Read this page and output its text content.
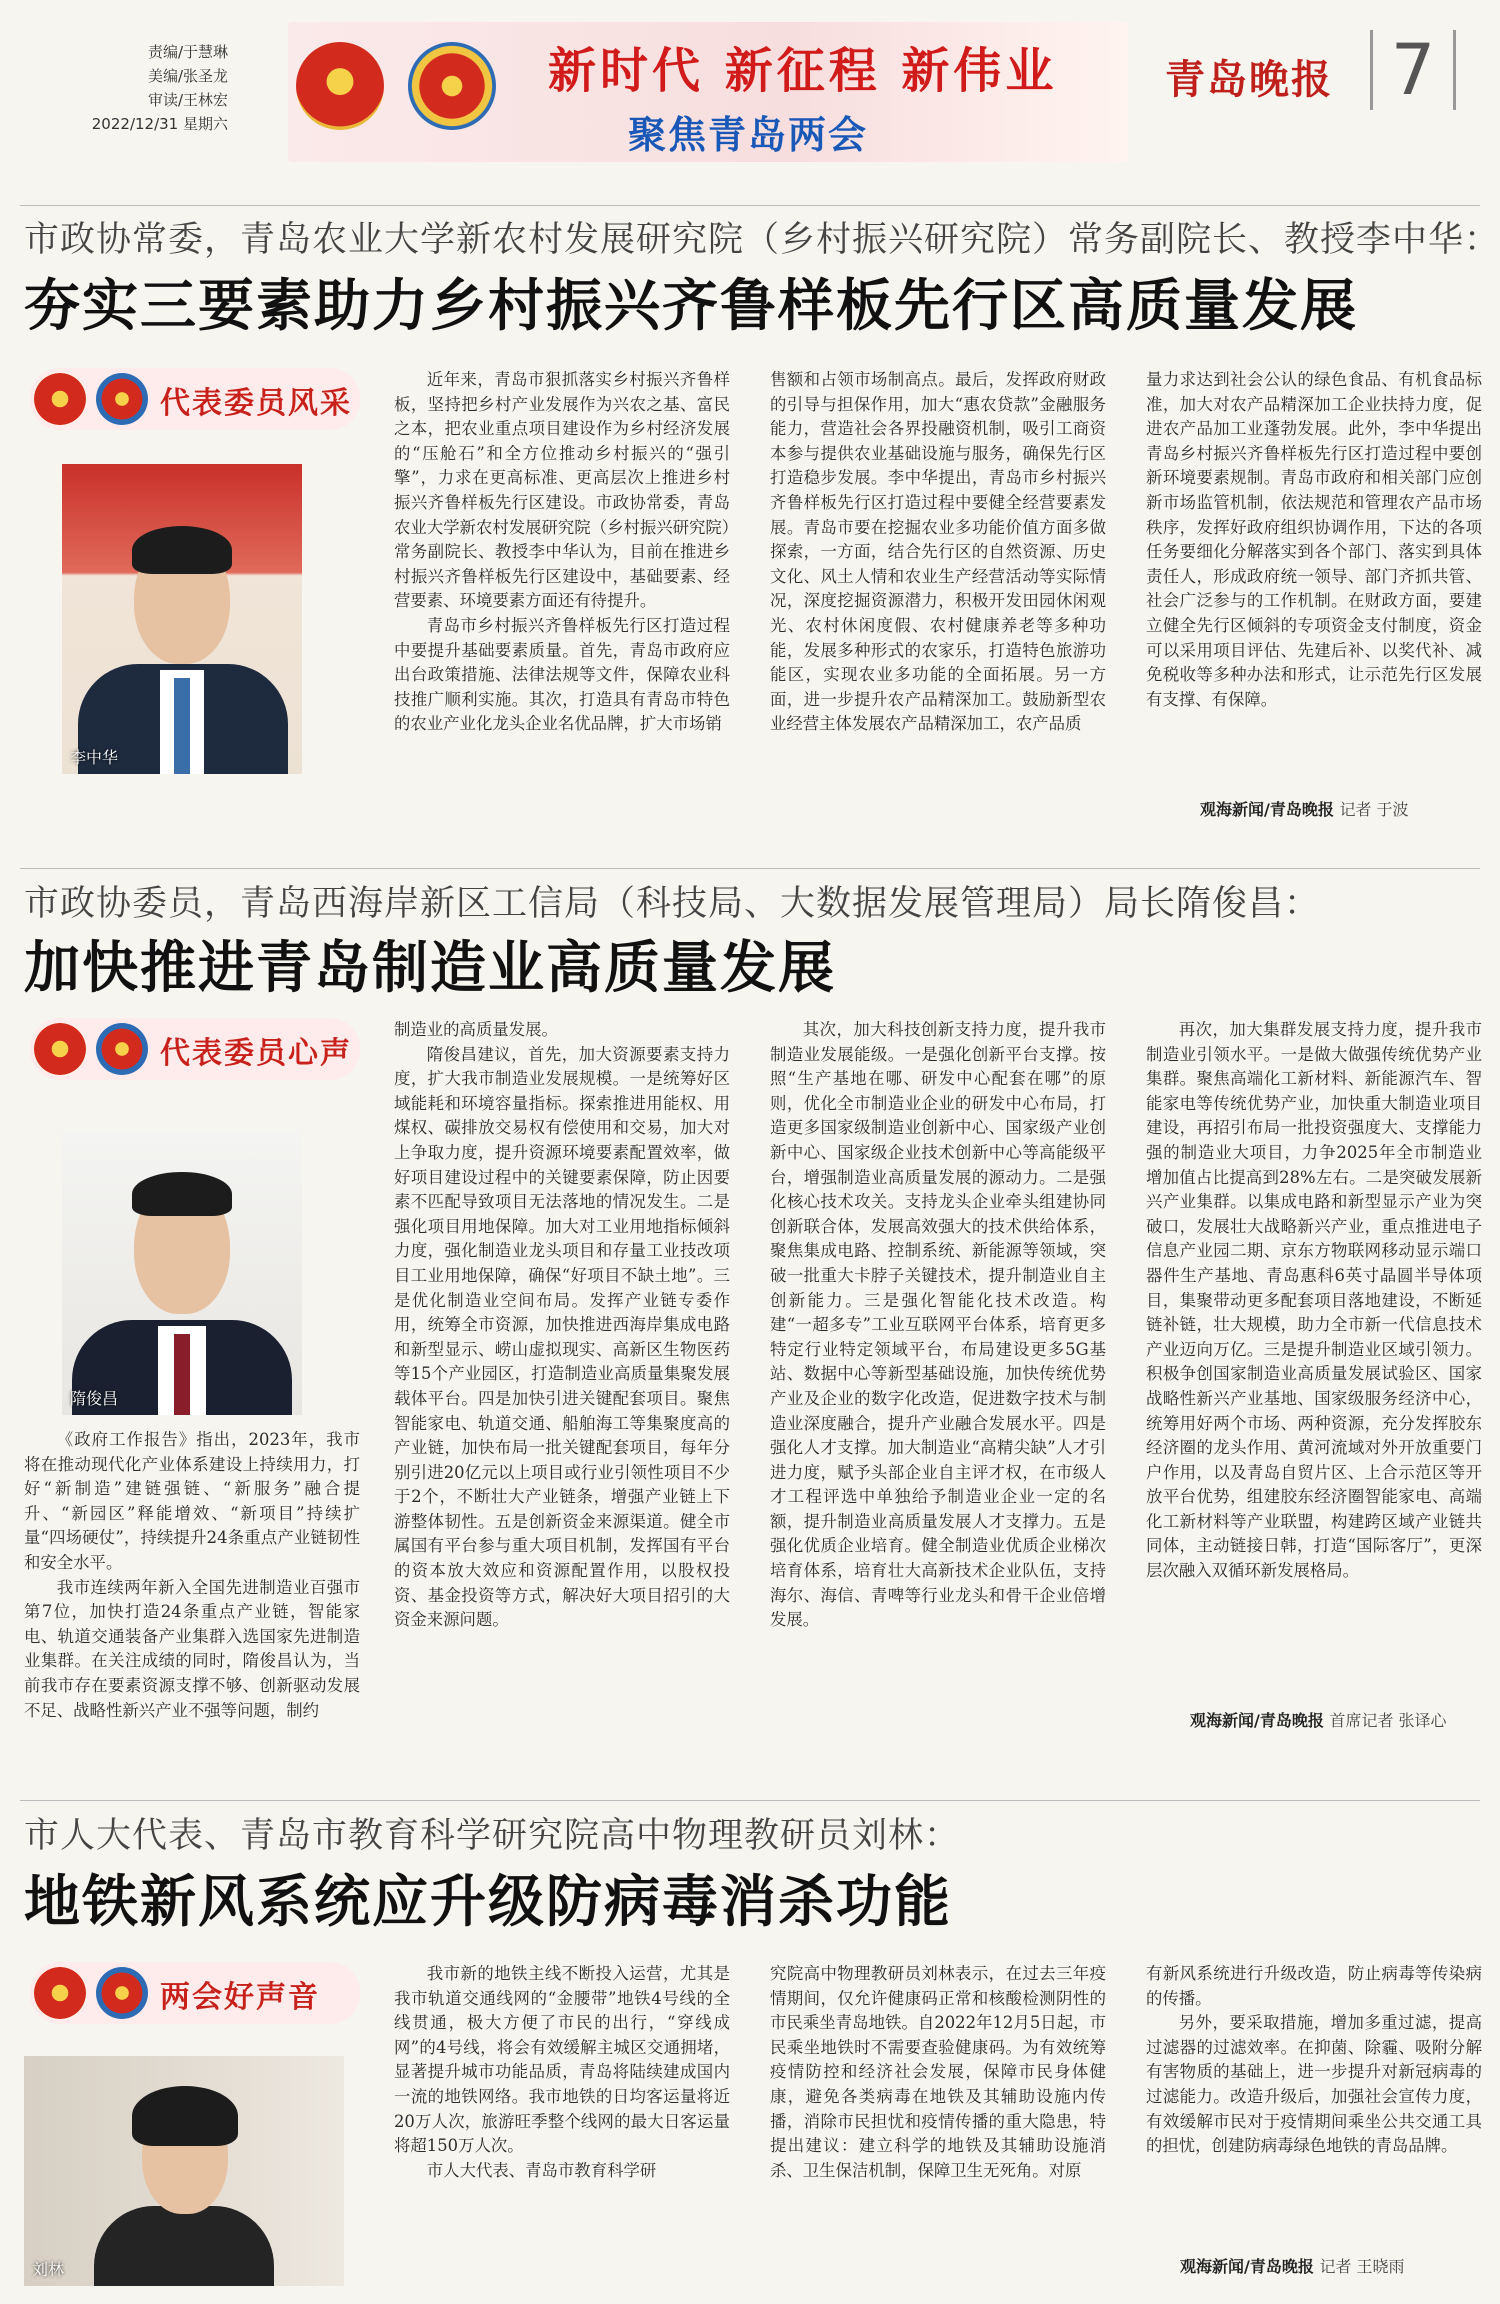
责编/于慧琳
美编/张圣龙
审读/王林宏
2022/12/31 星期六
新时代 新征程 新伟业
聚焦青岛两会
青岛晚报 7
市政协常委，青岛农业大学新农村发展研究院（乡村振兴研究院）常务副院长、教授李中华：
夯实三要素助力乡村振兴齐鲁样板先行区高质量发展
代表委员风采
李中华

近年来，青岛市狠抓落实乡村振兴齐鲁样板，坚持把乡村产业发展作为兴农之基、富民之本，把农业重点项目建设作为乡村经济发展的“压舱石”和全方位推动乡村振兴的“强引擎”，力求在更高标准、更高层次上推进乡村振兴齐鲁样板先行区建设。市政协常委，青岛农业大学新农村发展研究院（乡村振兴研究院）常务副院长、教授李中华认为，目前在推进乡村振兴齐鲁样板先行区建设中，基础要素、经营要素、环境要素方面还有待提升。

青岛市乡村振兴齐鲁样板先行区打造过程中要提升基础要素质量。首先，青岛市政府应出台政策措施、法律法规等文件，保障农业科技推广顺利实施。其次，打造具有青岛市特色的农业产业化龙头企业名优品牌，扩大市场销

售额和占领市场制高点。最后，发挥政府财政的引导与担保作用，加大“惠农贷款”金融服务能力，营造社会各界投融资机制，吸引工商资本参与提供农业基础设施与服务，确保先行区打造稳步发展。李中华提出，青岛市乡村振兴齐鲁样板先行区打造过程中要健全经营要素发展。青岛市要在挖掘农业多功能价值方面多做探索，一方面，结合先行区的自然资源、历史文化、风土人情和农业生产经营活动等实际情况，深度挖掘资源潜力，积极开发田园休闲观光、农村休闲度假、农村健康养老等多种功能，发展多种形式的农家乐，打造特色旅游功能区，实现农业多功能的全面拓展。另一方面，进一步提升农产品精深加工。鼓励新型农业经营主体发展农产品精深加工，农产品质

量力求达到社会公认的绿色食品、有机食品标准，加大对农产品精深加工企业扶持力度，促进农产品加工业蓬勃发展。此外，李中华提出青岛乡村振兴齐鲁样板先行区打造过程中要创新环境要素规制。青岛市政府和相关部门应创新市场监管机制，依法规范和管理农产品市场秩序，发挥好政府组织协调作用，下达的各项任务要细化分解落实到各个部门、落实到具体责任人，形成政府统一领导、部门齐抓共管、社会广泛参与的工作机制。在财政方面，要建立健全先行区倾斜的专项资金支付制度，资金可以采用项目评估、先建后补、以奖代补、减免税收等多种办法和形式，让示范先行区发展有支撑、有保障。

观海新闻/青岛晚报 记者 于波
市政协委员，青岛西海岸新区工信局（科技局、大数据发展管理局）局长隋俊昌：
加快推进青岛制造业高质量发展
代表委员心声
隋俊昌

《政府工作报告》指出，2023年，我市将在推动现代化产业体系建设上持续用力，打好“新制造”建链强链、“新服务”融合提升、“新园区”释能增效、“新项目”持续扩量“四场硬仗”，持续提升24条重点产业链韧性和安全水平。

我市连续两年新入全国先进制造业百强市第7位，加快打造24条重点产业链，智能家电、轨道交通装备产业集群入选国家先进制造业集群。在关注成绩的同时，隋俊昌认为，当前我市存在要素资源支撑不够、创新驱动发展不足、战略性新兴产业不强等问题，制约

制造业的高质量发展。

隋俊昌建议，首先，加大资源要素支持力度，扩大我市制造业发展规模。一是统筹好区域能耗和环境容量指标。探索推进用能权、用煤权、碳排放交易权有偿使用和交易，加大对上争取力度，提升资源环境要素配置效率，做好项目建设过程中的关键要素保障，防止因要素不匹配导致项目无法落地的情况发生。二是强化项目用地保障。加大对工业用地指标倾斜力度，强化制造业龙头项目和存量工业技改项目工业用地保障，确保“好项目不缺土地”。三是优化制造业空间布局。发挥产业链专委作用，统筹全市资源，加快推进西海岸集成电路和新型显示、崂山虚拟现实、高新区生物医药等15个产业园区，打造制造业高质量集聚发展载体平台。四是加快引进关键配套项目。聚焦智能家电、轨道交通、船舶海工等集聚度高的产业链，加快布局一批关键配套项目，每年分别引进20亿元以上项目或行业引领性项目不少于2个，不断壮大产业链条，增强产业链上下游整体韧性。五是创新资金来源渠道。健全市属国有平台参与重大项目机制，发挥国有平台的资本放大效应和资源配置作用，以股权投资、基金投资等方式，解决好大项目招引的大资金来源问题。

其次，加大科技创新支持力度，提升我市制造业发展能级。一是强化创新平台支撑。按照“生产基地在哪、研发中心配套在哪”的原则，优化全市制造业企业的研发中心布局，打造更多国家级制造业创新中心、国家级产业创新中心、国家级企业技术创新中心等高能级平台，增强制造业高质量发展的源动力。二是强化核心技术攻关。支持龙头企业牵头组建协同创新联合体，发展高效强大的技术供给体系，聚焦集成电路、控制系统、新能源等领域，突破一批重大卡脖子关键技术，提升制造业自主创新能力。三是强化智能化技术改造。构建“一超多专”工业互联网平台体系，培育更多特定行业特定领域平台，布局建设更多5G基站、数据中心等新型基础设施，加快传统优势产业及企业的数字化改造，促进数字技术与制造业深度融合，提升产业融合发展水平。四是强化人才支撑。加大制造业“高精尖缺”人才引进力度，赋予头部企业自主评才权，在市级人才工程评选中单独给予制造业企业一定的名额，提升制造业高质量发展人才支撑力。五是强化优质企业培育。健全制造业优质企业梯次培育体系，培育壮大高新技术企业队伍，支持海尔、海信、青啤等行业龙头和骨干企业倍增发展。

再次，加大集群发展支持力度，提升我市制造业引领水平。一是做大做强传统优势产业集群。聚焦高端化工新材料、新能源汽车、智能家电等传统优势产业，加快重大制造业项目建设，再招引布局一批投资强度大、支撑能力强的制造业大项目，力争2025年全市制造业增加值占比提高到28%左右。二是突破发展新兴产业集群。以集成电路和新型显示产业为突破口，发展壮大战略新兴产业，重点推进电子信息产业园二期、京东方物联网移动显示端口器件生产基地、青岛惠科6英寸晶圆半导体项目，集聚带动更多配套项目落地建设，不断延链补链，壮大规模，助力全市新一代信息技术产业迈向万亿。三是提升制造业区域引领力。积极争创国家制造业高质量发展试验区、国家战略性新兴产业基地、国家级服务经济中心，统筹用好两个市场、两种资源，充分发挥胶东经济圈的龙头作用、黄河流域对外开放重要门户作用，以及青岛自贸片区、上合示范区等开放平台优势，组建胶东经济圈智能家电、高端化工新材料等产业联盟，构建跨区域产业链共同体，主动链接日韩，打造“国际客厅”，更深层次融入双循环新发展格局。

观海新闻/青岛晚报 首席记者 张译心
市人大代表、青岛市教育科学研究院高中物理教研员刘林：
地铁新风系统应升级防病毒消杀功能
两会好声音
刘林

我市新的地铁主线不断投入运营，尤其是我市轨道交通线网的“金腰带”地铁4号线的全线贯通，极大方便了市民的出行，“穿线成网”的4号线，将会有效缓解主城区交通拥堵，显著提升城市功能品质，青岛将陆续建成国内一流的地铁网络。我市地铁的日均客运量将近20万人次，旅游旺季整个线网的最大日客运量将超150万人次。

市人大代表、青岛市教育科学研

究院高中物理教研员刘林表示，在过去三年疫情期间，仅允许健康码正常和核酸检测阴性的市民乘坐青岛地铁。自2022年12月5日起，市民乘坐地铁时不需要查验健康码。为有效统筹疫情防控和经济社会发展，保障市民身体健康，避免各类病毒在地铁及其辅助设施内传播，消除市民担忧和疫情传播的重大隐患，特提出建议：建立科学的地铁及其辅助设施消杀、卫生保洁机制，保障卫生无死角。对原

有新风系统进行升级改造，防止病毒等传染病的传播。

另外，要采取措施，增加多重过滤，提高过滤器的过滤效率。在抑菌、除霾、吸附分解有害物质的基础上，进一步提升对新冠病毒的过滤能力。改造升级后，加强社会宣传力度，有效缓解市民对于疫情期间乘坐公共交通工具的担忧，创建防病毒绿色地铁的青岛品牌。

观海新闻/青岛晚报 记者 王晓雨
